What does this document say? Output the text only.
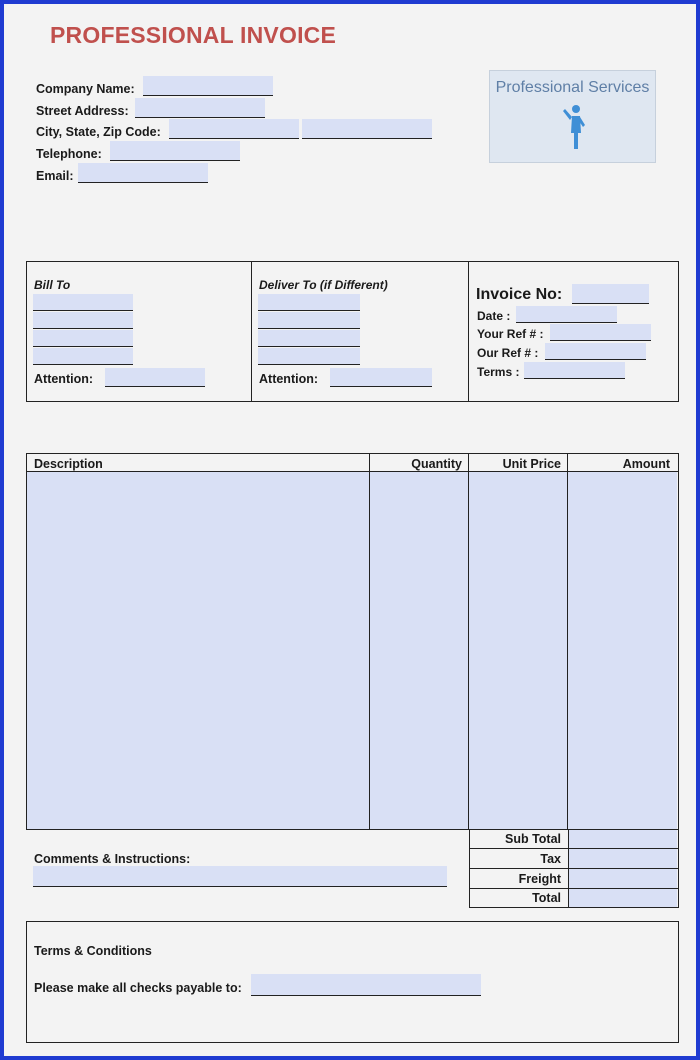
PROFESSIONAL INVOICE
Company Name:
Street Address:
City, State, Zip Code:
Telephone:
Email:
Professional Services
Bill To
Attention:
Deliver To (if Different)
Attention:
Invoice No:
Date :
Your Ref # :
Our Ref # :
Terms :
Description	Quantity	Unit Price	Amount
Comments & Instructions:
Sub Total
Tax
Freight
Total
Terms & Conditions
Please make all checks payable to:
